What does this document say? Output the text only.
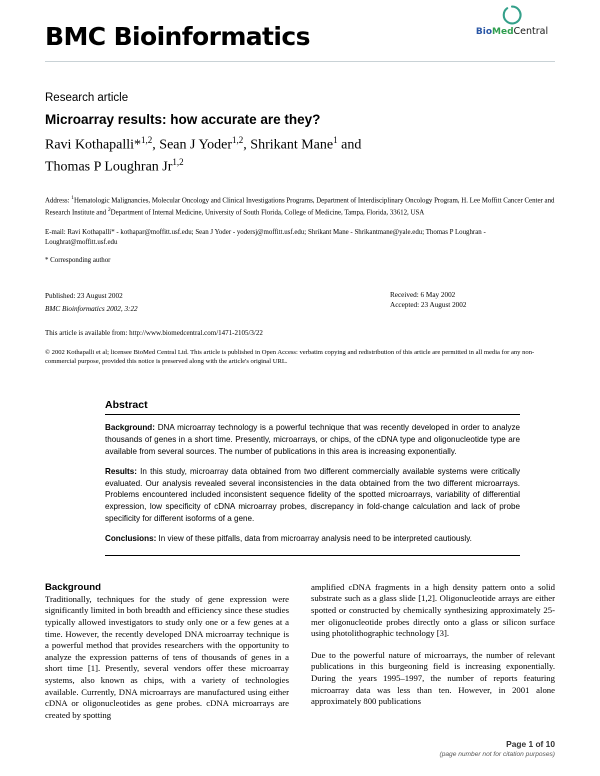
BMC Bioinformatics	BioMedCentral
Research article
Microarray results: how accurate are they?
Ravi Kothapalli*$^{1,2}$, Sean J Yoder$^{1,2}$, Shrikant Mane$^1$ and
Thomas P Loughran Jr$^{1,2}$
Address: $^1$Hematologic Malignancies, Molecular Oncology and Clinical Investigations Programs, Department of Interdisciplinary Oncology Program, H. Lee Moffitt Cancer Center and Research Institute and $^2$Department of Internal Medicine, University of South Florida, College of Medicine, Tampa, Florida, 33612, USA
E-mail: Ravi Kothapalli* - kothapar@moffitt.usf.edu; Sean J Yoder - yodersj@moffitt.usf.edu; Shrikant Mane - Shrikantmane@yale.edu; Thomas P Loughran - Loughrat@moffitt.usf.edu
* Corresponding author
Published: 23 August 2002
BMC Bioinformatics 2002, 3:22
Received: 6 May 2002
Accepted: 23 August 2002
This article is available from: http://www.biomedcentral.com/1471-2105/3/22
© 2002 Kothapalli et al; licensee BioMed Central Ltd. This article is published in Open Access: verbatim copying and redistribution of this article are permitted in all media for any non-commercial purpose, provided this notice is preserved along with the article's original URL.
Abstract

Background: DNA microarray technology is a powerful technique that was recently developed in order to analyze thousands of genes in a short time. Presently, microarrays, or chips, of the cDNA type and oligonucleotide type are available from several sources. The number of publications in this area is increasing exponentially.

Results: In this study, microarray data obtained from two different commercially available systems were critically evaluated. Our analysis revealed several inconsistencies in the data obtained from the two different microarrays. Problems encountered included inconsistent sequence fidelity of the spotted microarrays, variability of differential expression, low specificity of cDNA microarray probes, discrepancy in fold-change calculation and lack of probe specificity for different isoforms of a gene.

Conclusions: In view of these pitfalls, data from microarray analysis need to be interpreted cautiously.

Background

Traditionally, techniques for the study of gene expression were significantly limited in both breadth and efficiency since these studies typically allowed investigators to study only one or a few genes at a time. However, the recently developed DNA microarray technique is a powerful method that provides researchers with the opportunity to analyze the expression patterns of tens of thousands of genes in a short time [1]. Presently, several vendors offer these microarray systems, also known as chips, with a variety of technologies available. Currently, DNA microarrays are manufactured using either cDNA or oligonucleotides as gene probes. cDNA microarrays are created by spotting

amplified cDNA fragments in a high density pattern onto a solid substrate such as a glass slide [1,2]. Oligonucleotide arrays are either spotted or constructed by chemically synthesizing approximately 25-mer oligonucleotide probes directly onto a glass or silicon surface using photolithographic technology [3].

Due to the powerful nature of microarrays, the number of relevant publications in this burgeoning field is increasing exponentially. During the years 1995–1997, the number of reports featuring microarray data was less than ten. However, in 2001 alone approximately 800 publications

Page 1 of 10
(page number not for citation purposes)
